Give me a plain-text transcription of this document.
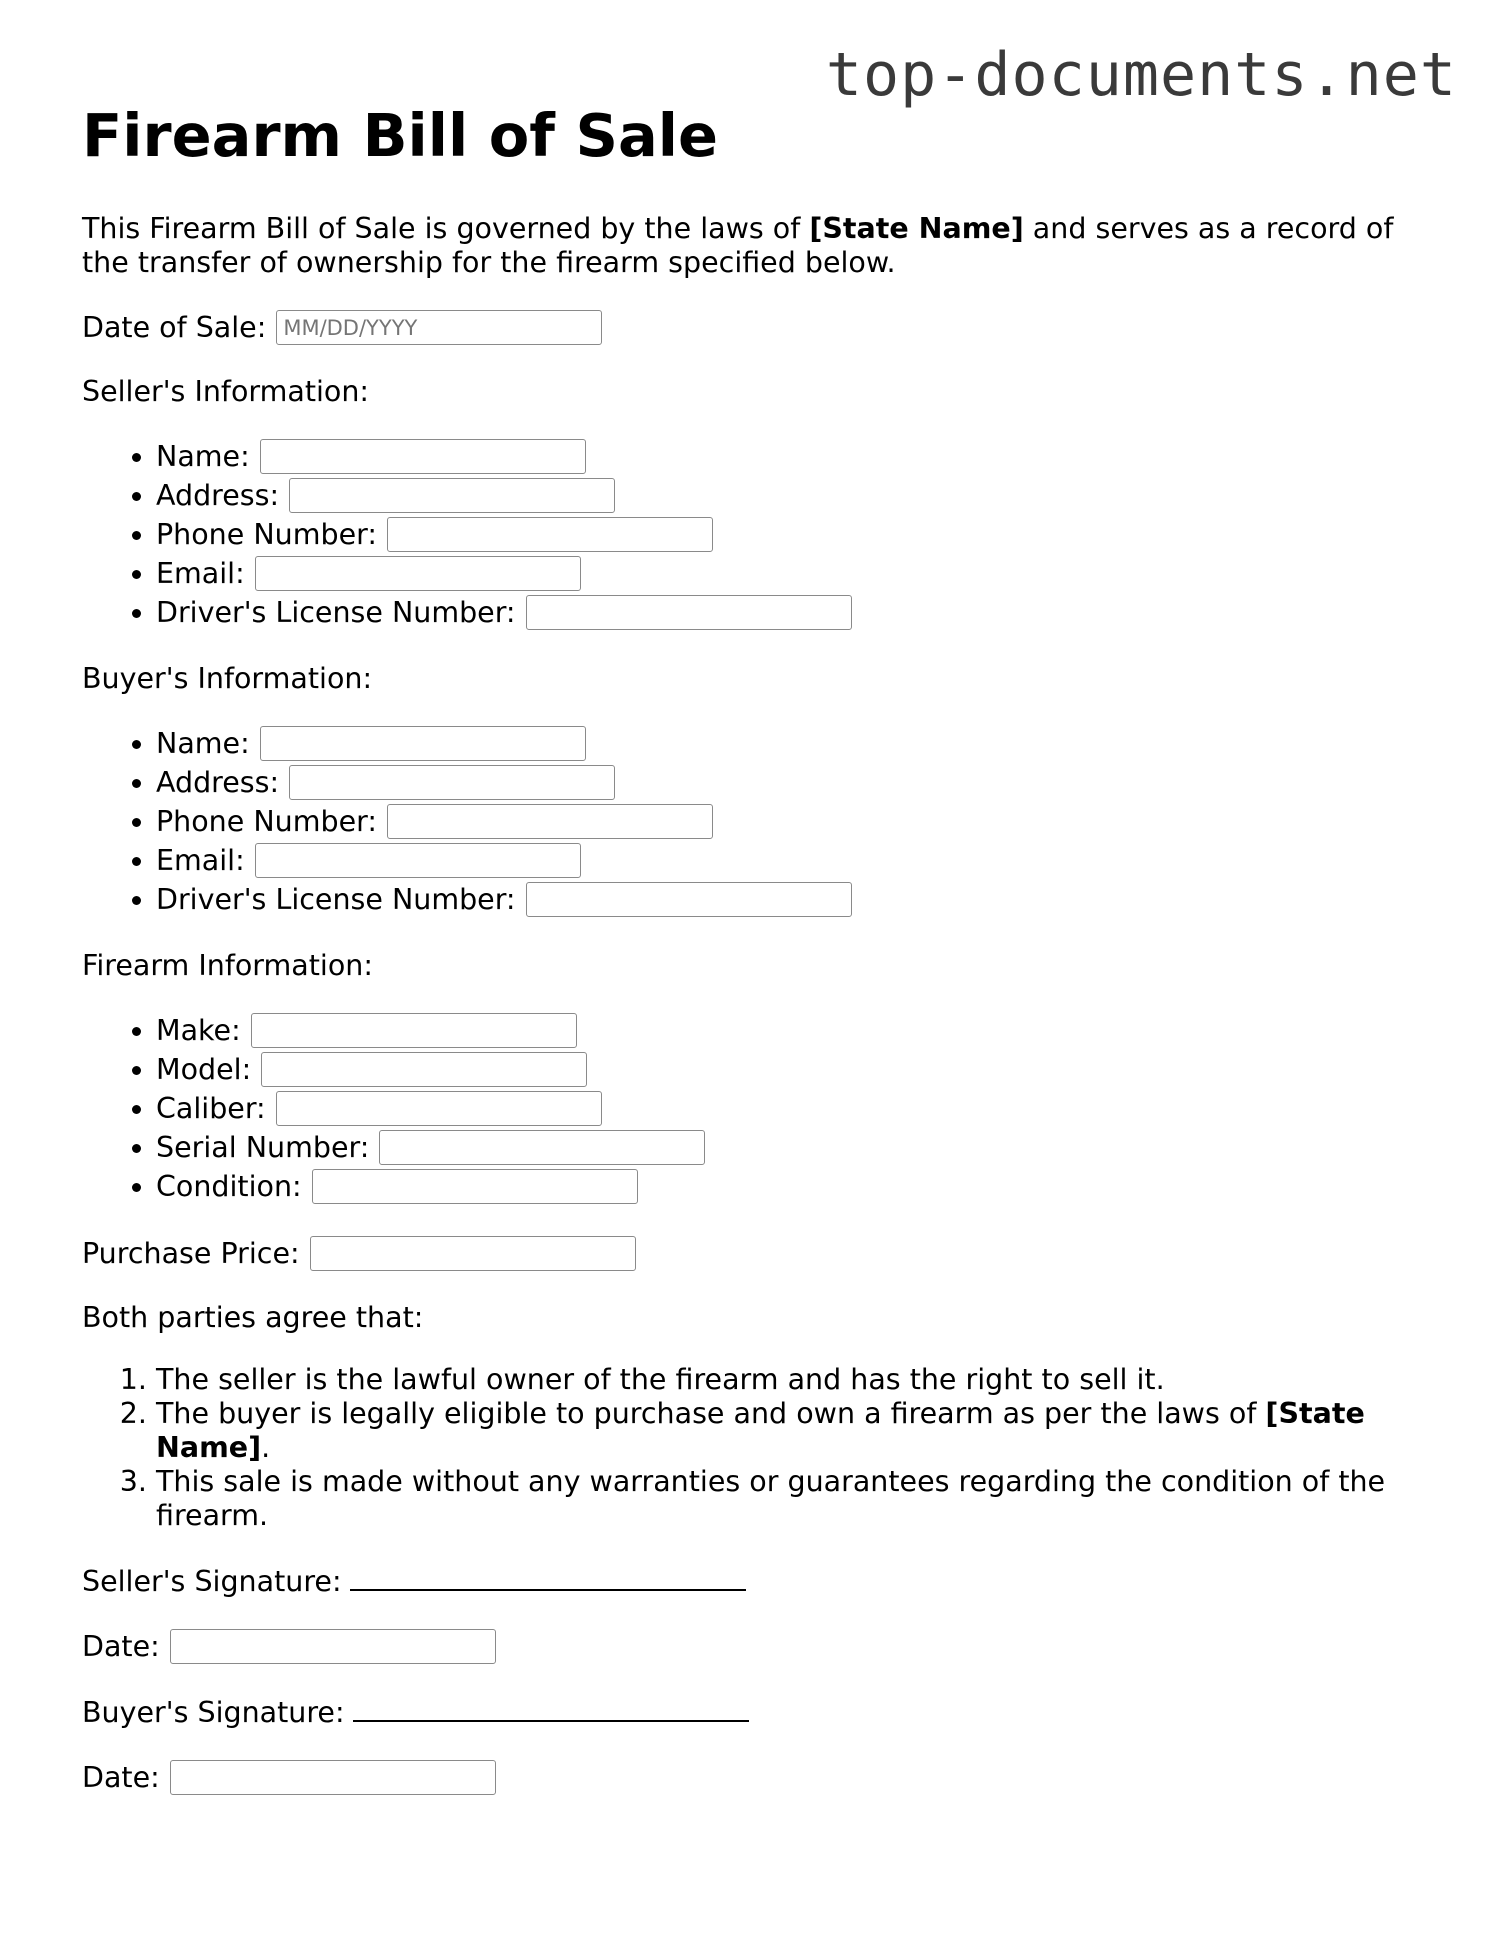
top-documents.net
Firearm Bill of Sale

This Firearm Bill of Sale is governed by the laws of [State Name] and serves as a record of the transfer of ownership for the firearm specified below.

Date of Sale:
MM/DD/YYYY

Seller's Information:

• Name:
• Address:
• Phone Number:
• Email:
• Driver's License Number:

Buyer's Information:

• Name:
• Address:
• Phone Number:
• Email:
• Driver's License Number:

Firearm Information:

• Make:
• Model:
• Caliber:
• Serial Number:
• Condition:
Purchase Price:

Both parties agree that:

1. The seller is the lawful owner of the firearm and has the right to sell it.
2. The buyer is legally eligible to purchase and own a firearm as per the laws of [State Name].
3. This sale is made without any warranties or guarantees regarding the condition of the firearm.
Seller's Signature:
Date:
Buyer's Signature:
Date:
